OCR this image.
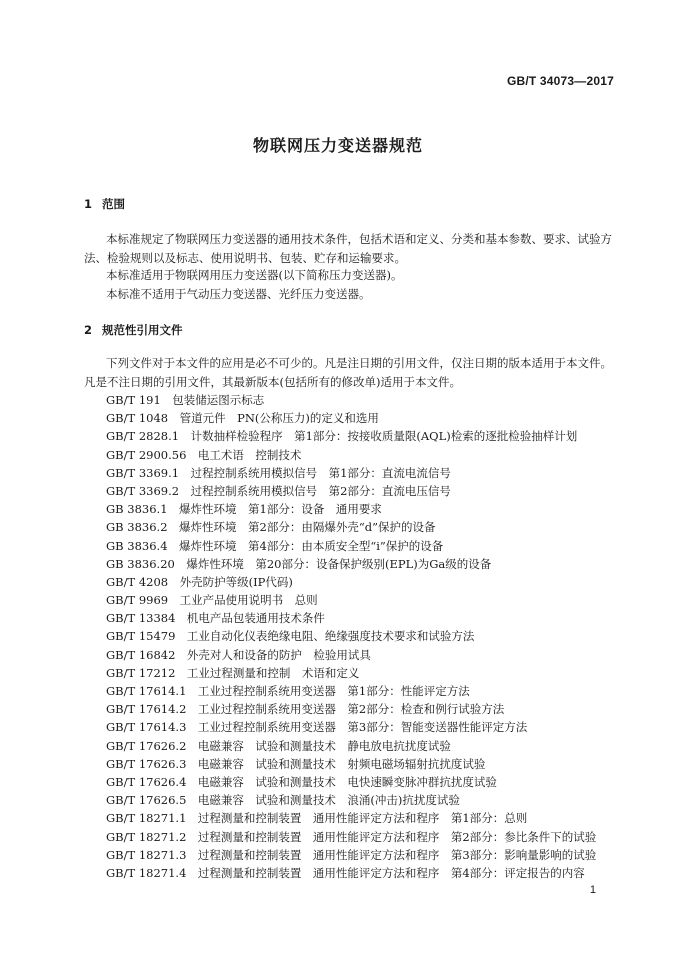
GB/T 34073—2017
物联网压力变送器规范
1 范围
本标准规定了物联网压力变送器的通用技术条件，包括术语和定义、分类和基本参数、要求、试验方法、检验规则以及标志、使用说明书、包装、贮存和运输要求。
本标准适用于物联网用压力变送器(以下简称压力变送器)。
本标准不适用于气动压力变送器、光纤压力变送器。
2 规范性引用文件
下列文件对于本文件的应用是必不可少的。凡是注日期的引用文件，仅注日期的版本适用于本文件。凡是不注日期的引用文件，其最新版本(包括所有的修改单)适用于本文件。
GB/T 191　 包装储运图示标志
GB/T 1048　 管道元件　PN(公称压力)的定义和选用
GB/T 2828.1　 计数抽样检验程序　第1部分：按接收质量限(AQL)检索的逐批检验抽样计划
GB/T 2900.56　 电工术语　控制技术
GB/T 3369.1　 过程控制系统用模拟信号　第1部分：直流电流信号
GB/T 3369.2　 过程控制系统用模拟信号　第2部分：直流电压信号
GB 3836.1　 爆炸性环境　第1部分：设备　通用要求
GB 3836.2　 爆炸性环境　第2部分：由隔爆外壳“d”保护的设备
GB 3836.4　 爆炸性环境　第4部分：由本质安全型“i”保护的设备
GB 3836.20　 爆炸性环境　第20部分：设备保护级别(EPL)为Ga级的设备
GB/T 4208　 外壳防护等级(IP代码)
GB/T 9969　 工业产品使用说明书　总则
GB/T 13384　 机电产品包装通用技术条件
GB/T 15479　 工业自动化仪表绝缘电阻、绝缘强度技术要求和试验方法
GB/T 16842　 外壳对人和设备的防护　检验用试具
GB/T 17212　 工业过程测量和控制　术语和定义
GB/T 17614.1　 工业过程控制系统用变送器　第1部分：性能评定方法
GB/T 17614.2　 工业过程控制系统用变送器　第2部分：检查和例行试验方法
GB/T 17614.3　 工业过程控制系统用变送器　第3部分：智能变送器性能评定方法
GB/T 17626.2　 电磁兼容　试验和测量技术　静电放电抗扰度试验
GB/T 17626.3　 电磁兼容　试验和测量技术　射频电磁场辐射抗扰度试验
GB/T 17626.4　 电磁兼容　试验和测量技术　电快速瞬变脉冲群抗扰度试验
GB/T 17626.5　 电磁兼容　试验和测量技术　浪涌(冲击)抗扰度试验
GB/T 18271.1　 过程测量和控制装置　通用性能评定方法和程序　第1部分：总则
GB/T 18271.2　 过程测量和控制装置　通用性能评定方法和程序　第2部分：参比条件下的试验
GB/T 18271.3　 过程测量和控制装置　通用性能评定方法和程序　第3部分：影响量影响的试验
GB/T 18271.4　 过程测量和控制装置　通用性能评定方法和程序　第4部分：评定报告的内容
1
